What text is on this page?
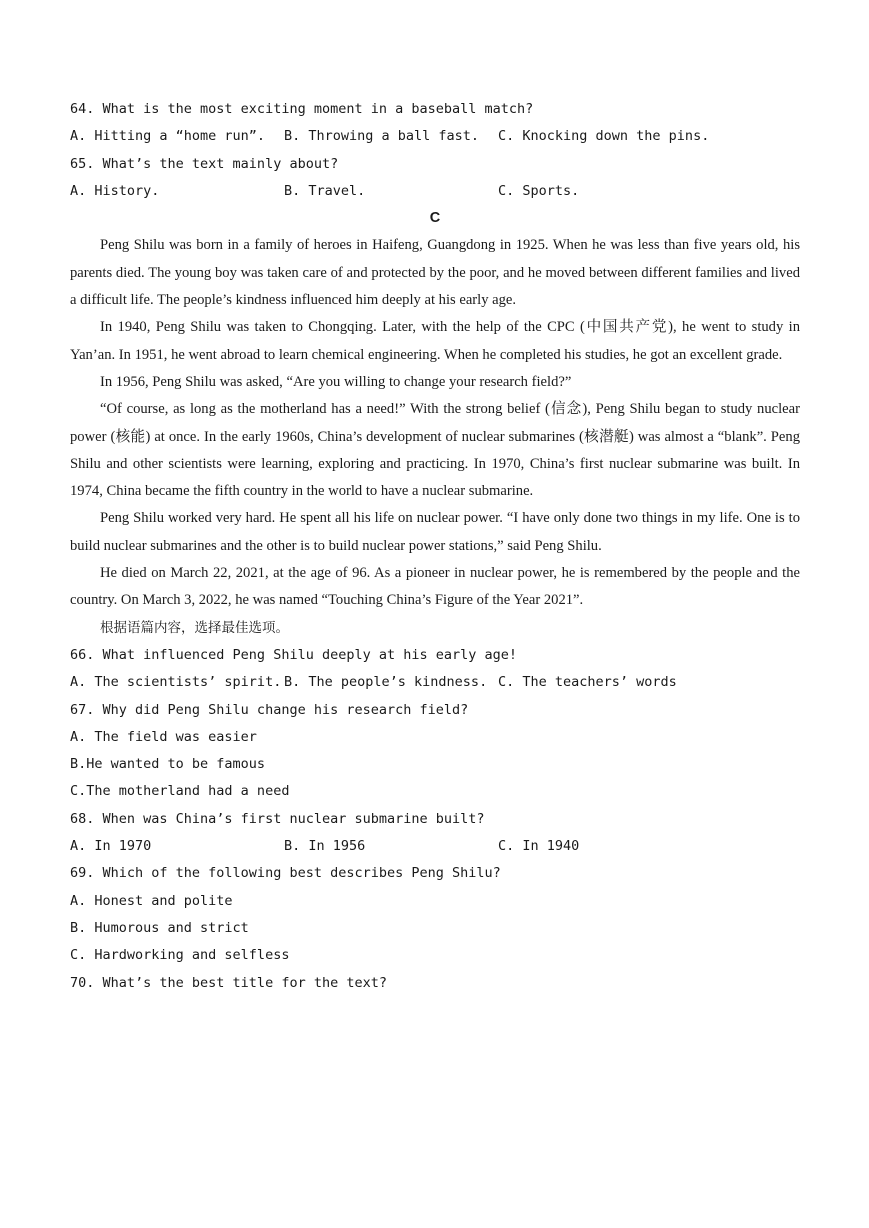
64. What is the most exciting moment in a baseball match?

A. Hitting a “home run”.	B. Throwing a ball fast.	C. Knocking down the pins.

65. What’s the text mainly about?

A. History.	B. Travel.	C. Sports.

C

Peng Shilu was born in a family of heroes in Haifeng, Guangdong in 1925. When he was less than five years old, his parents died. The young boy was taken care of and protected by the poor, and he moved between different families and lived a difficult life. The people’s kindness influenced him deeply at his early age.

In 1940, Peng Shilu was taken to Chongqing. Later, with the help of the CPC (中国共产党), he went to study in Yan’an. In 1951, he went abroad to learn chemical engineering. When he completed his studies, he got an excellent grade.

In 1956, Peng Shilu was asked, “Are you willing to change your research field?”

“Of course, as long as the motherland has a need!” With the strong belief (信念), Peng Shilu began to study nuclear power (核能) at once. In the early 1960s, China’s development of nuclear submarines (核潜艇) was almost a “blank”. Peng Shilu and other scientists were learning, exploring and practicing. In 1970, China’s first nuclear submarine was built. In 1974, China became the fifth country in the world to have a nuclear submarine.

Peng Shilu worked very hard. He spent all his life on nuclear power. “I have only done two things in my life. One is to build nuclear submarines and the other is to build nuclear power stations,” said Peng Shilu.

He died on March 22, 2021, at the age of 96. As a pioneer in nuclear power, he is remembered by the people and the country. On March 3, 2022, he was named “Touching China’s Figure of the Year 2021”.

根据语篇内容，选择最佳选项。

66. What influenced Peng Shilu deeply at his early age!

A. The scientists’ spirit. B. The people’s kindness. C. The teachers’ words

67. Why did Peng Shilu change his research field?

A. The field was easier

B.He wanted to be famous

C.The motherland had a need

68. When was China’s first nuclear submarine built?

A. In 1970	B. In 1956	C. In 1940

69. Which of the following best describes Peng Shilu?

A. Honest and polite

B. Humorous and strict

C. Hardworking and selfless

70. What’s the best title for the text?
